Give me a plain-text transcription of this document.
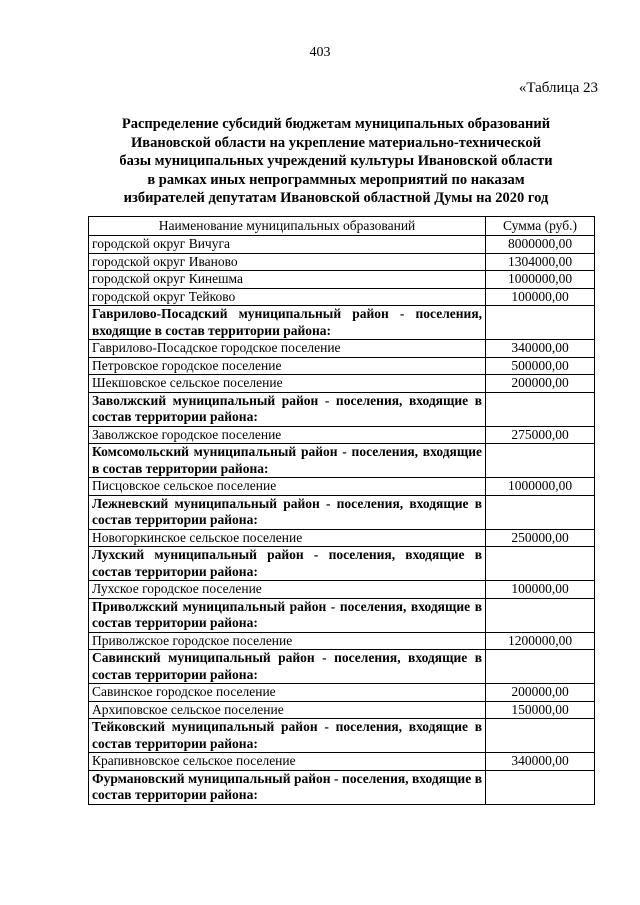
403
«Таблица 23
Распределение субсидий бюджетам муниципальных образований
Ивановской области на укрепление материально-технической
базы муниципальных учреждений культуры Ивановской области
в рамках иных непрограммных мероприятий по наказам
избирателей депутатам Ивановской областной Думы на 2020 год
Наименование муниципальных образований	Сумма (руб.)
городской округ Вичуга	8000000,00
городской округ Иваново	1304000,00
городской округ Кинешма	1000000,00
городской округ Тейково	100000,00
Гаврилово-Посадский муниципальный район - поселения, входящие в состав территории района:	
Гаврилово-Посадское городское поселение	340000,00
Петровское городское поселение	500000,00
Шекшовское сельское поселение	200000,00
Заволжский муниципальный район - поселения, входящие в состав территории района:	
Заволжское городское поселение	275000,00
Комсомольский муниципальный район - поселения, входящие в состав территории района:	
Писцовское сельское поселение	1000000,00
Лежневский муниципальный район - поселения, входящие в состав территории района:	
Новогоркинское сельское поселение	250000,00
Лухский муниципальный район - поселения, входящие в состав территории района:	
Лухское городское поселение	100000,00
Приволжский муниципальный район - поселения, входящие в состав территории района:	
Приволжское городское поселение	1200000,00
Савинский муниципальный район - поселения, входящие в состав территории района:	
Савинское городское поселение	200000,00
Архиповское сельское поселение	150000,00
Тейковский муниципальный район - поселения, входящие в состав территории района:	
Крапивновское сельское поселение	340000,00
Фурмановский муниципальный район - поселения, входящие в состав территории района:	
